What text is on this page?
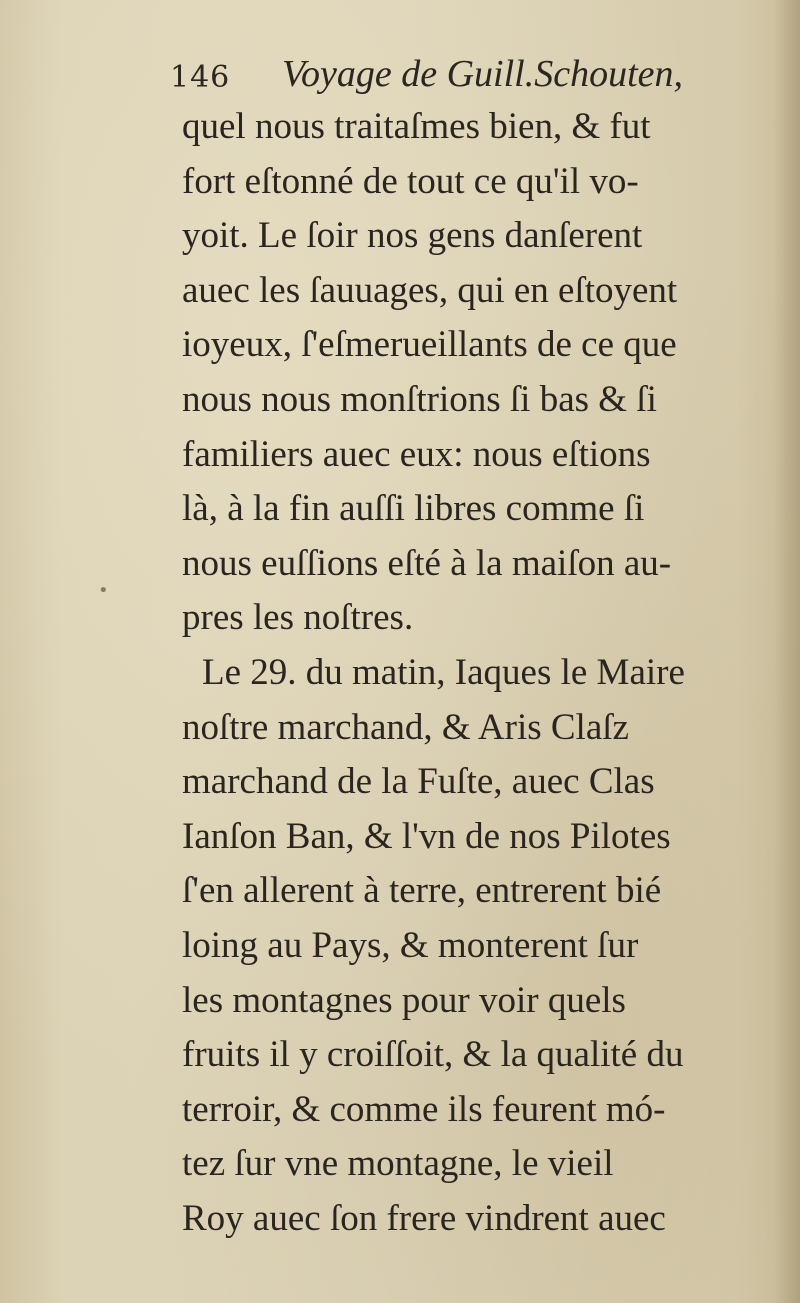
146 Voyage de Guill.Schouten,
quel nous traitaſmes bien, & fut
fort eſtonné de tout ce qu'il vo-
yoit. Le ſoir nos gens danſerent
auec les ſauuages, qui en eſtoyent
ioyeux, ſ'eſmerueillants de ce que
nous nous monſtrions ſi bas & ſi
familiers auec eux: nous eſtions
là, à la fin auſſi libres comme ſi
nous euſſions eſté à la maiſon au-
pres les noſtres.
Le 29. du matin, Iaques le Maire
noſtre marchand, & Aris Claſz
marchand de la Fuſte, auec Clas
Ianſon Ban, & l'vn de nos Pilotes
ſ'en allerent à terre, entrerent bié
loing au Pays, & monterent ſur
les montagnes pour voir quels
fruits il y croiſſoit, & la qualité du
terroir, & comme ils feurent mó-
tez ſur vne montagne, le vieil
Roy auec ſon frere vindrent auec
•
